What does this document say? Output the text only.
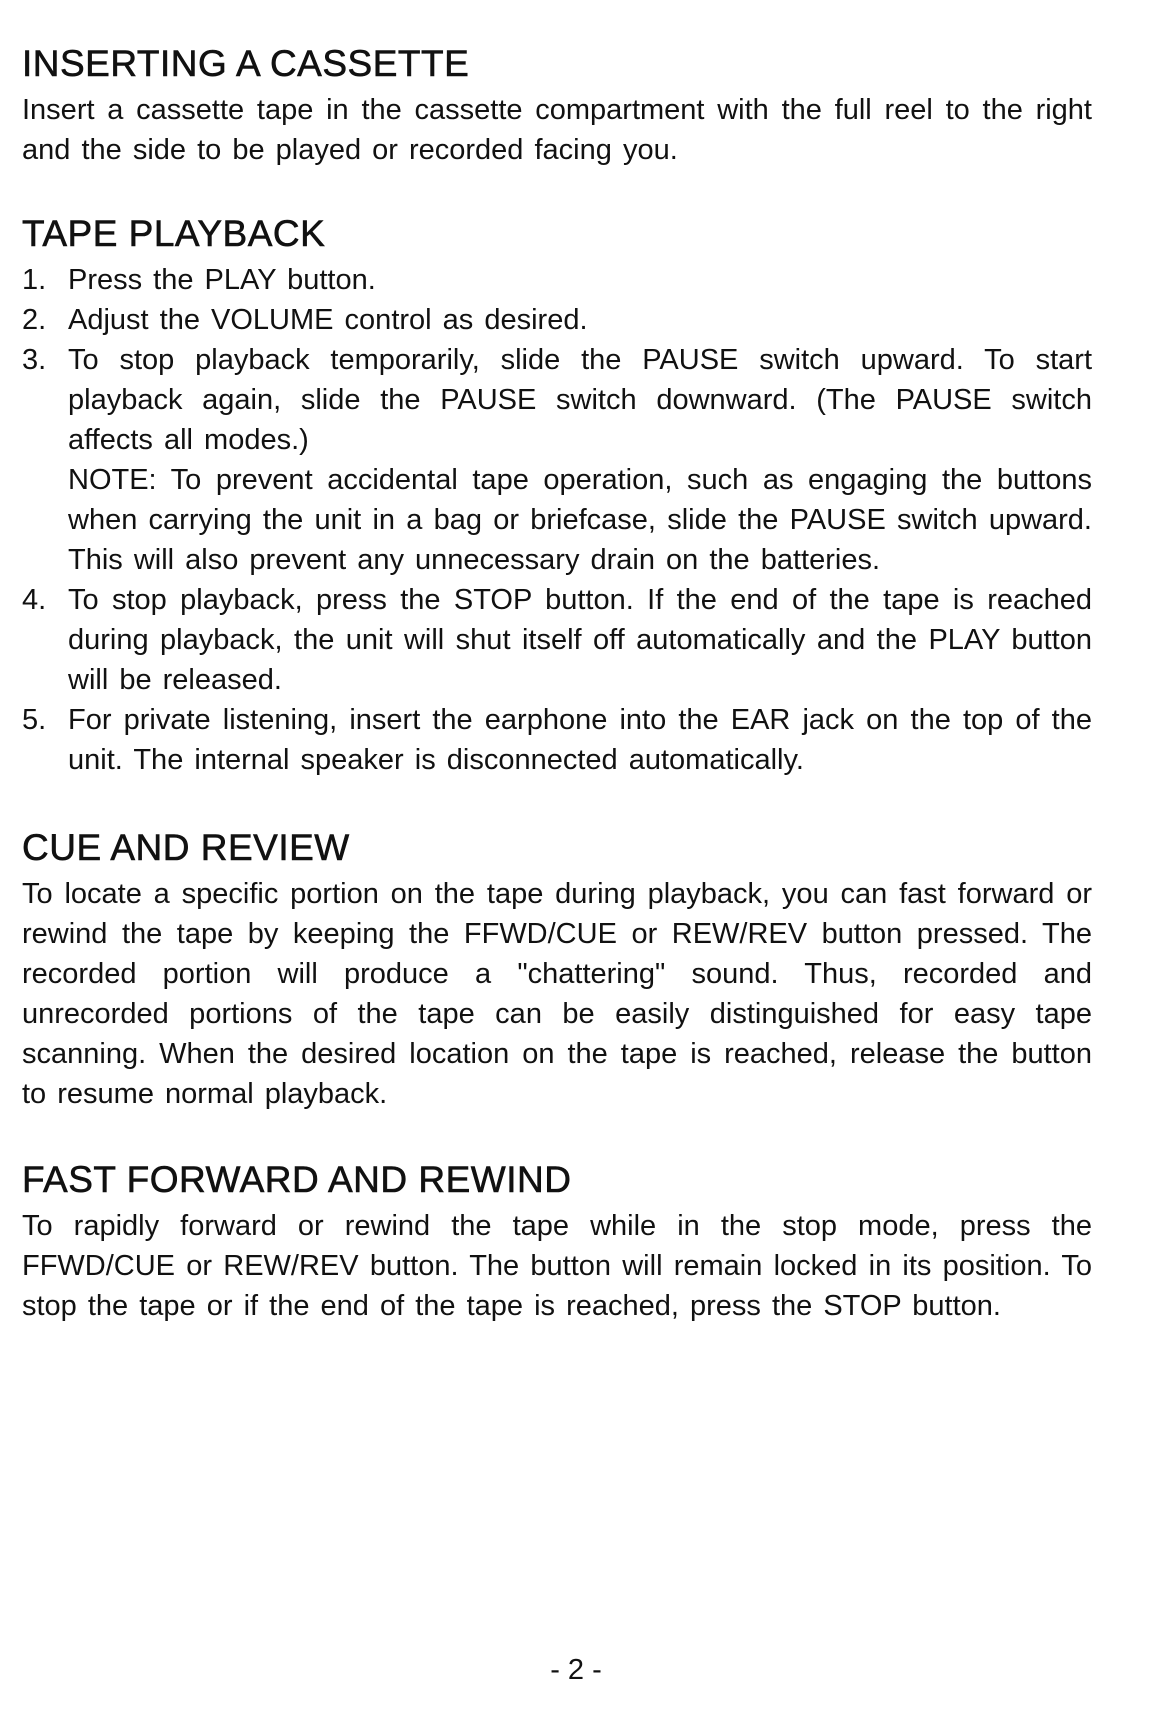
INSERTING A CASSETTE

Insert a cassette tape in the cassette compartment with the full reel to the right and the side to be played or recorded facing you.

TAPE PLAYBACK
1. Press the PLAY button.
2. Adjust the VOLUME control as desired.
3. To stop playback temporarily, slide the PAUSE switch upward. To start playback again, slide the PAUSE switch downward. (The PAUSE switch affects all modes.)
NOTE: To prevent accidental tape operation, such as engaging the buttons when carrying the unit in a bag or briefcase, slide the PAUSE switch upward. This will also prevent any unnecessary drain on the batteries.
4. To stop playback, press the STOP button. If the end of the tape is reached during playback, the unit will shut itself off automatically and the PLAY button will be released.
5. For private listening, insert the earphone into the EAR jack on the top of the unit. The internal speaker is disconnected automatically.
CUE AND REVIEW

To locate a specific portion on the tape during playback, you can fast forward or rewind the tape by keeping the FFWD/CUE or REW/REV button pressed. The recorded portion will produce a "chattering" sound. Thus, recorded and unrecorded portions of the tape can be easily distinguished for easy tape scanning. When the desired location on the tape is reached, release the button to resume normal playback.

FAST FORWARD AND REWIND

To rapidly forward or rewind the tape while in the stop mode, press the FFWD/CUE or REW/REV button. The button will remain locked in its position. To stop the tape or if the end of the tape is reached, press the STOP button.

- 2 -
